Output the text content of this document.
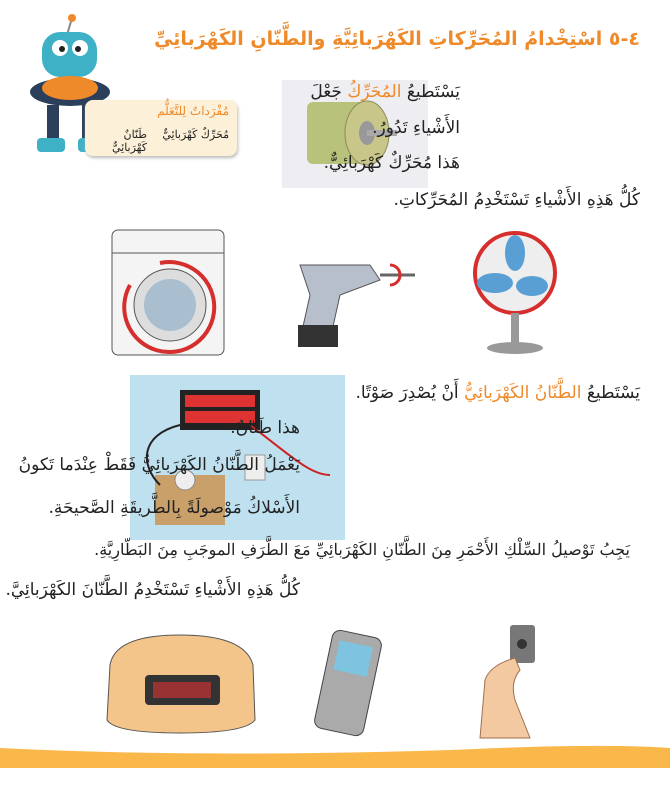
٤-٥ اسْتِخْدامُ المُحَرِّكاتِ الكَهْرَبائِيَّةِ والطَّنّانِ الكَهْرَبائِيِّ
مُفْرَداتٌ لِلتَّعَلُّم
مُحَرِّكٌ كَهْرَبائِيٌّ
طَنّانٌ كَهْرَبائِيٌّ
يَسْتَطيعُ المُحَرِّكُ جَعْلَ
الأَشْياءِ تَدُورُ.
هَذا مُحَرِّكٌ كَهْرَبائِيٌّ.
كُلُّ هَذِهِ الأَشْياءِ تَسْتَخْدِمُ المُحَرِّكاتِ.
يَسْتَطيعُ الطَّنّانُ الكَهْرَبائِيُّ أَنْ يُصْدِرَ صَوْتًا.
هذا طَنّانٌ.
يَعْمَلُ الطَّنّانُ الكَهْرَبائِيُّ فَقَطْ عِنْدَما تَكونُ
الأَسْلاكُ مَوْصولَةً بِالطَّريقَةِ الصَّحيحَةِ.
يَجِبُ تَوْصيلُ السِّلْكِ الأَحْمَرِ مِنَ الطَّنّانِ الكَهْرَبائِيِّ مَعَ الطَّرَفِ الموجَبِ مِنَ البَطّارِيَّةِ.
كُلُّ هَذِهِ الأَشْياءِ تَسْتَخْدِمُ الطَّنّانَ الكَهْرَبائِيَّ.
